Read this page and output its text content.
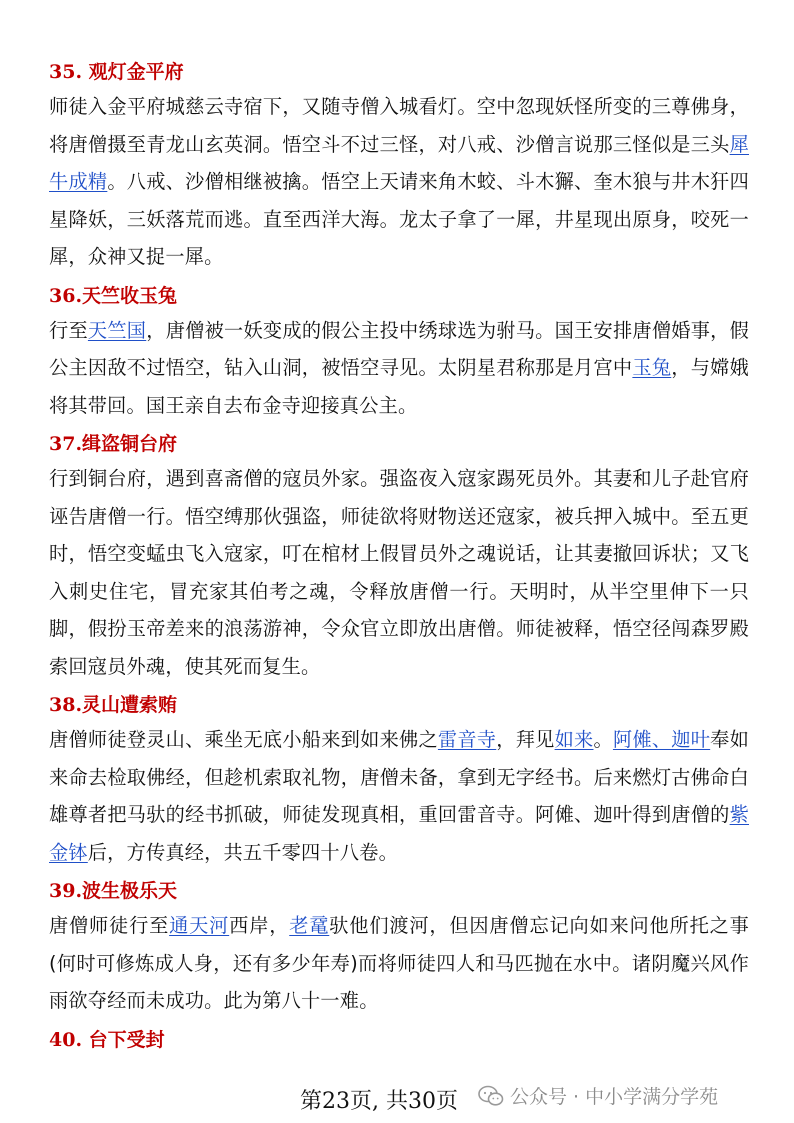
35. 观灯金平府

师徒入金平府城慈云寺宿下，又随寺僧入城看灯。空中忽现妖怪所变的三尊佛身，将唐僧摄至青龙山玄英洞。悟空斗不过三怪，对八戒、沙僧言说那三怪似是三头犀牛成精。八戒、沙僧相继被擒。悟空上天请来角木蛟、斗木獬、奎木狼与井木犴四星降妖，三妖落荒而逃。直至西洋大海。龙太子拿了一犀，井星现出原身，咬死一犀，众神又捉一犀。

36.天竺收玉兔

行至天竺国，唐僧被一妖变成的假公主投中绣球选为驸马。国王安排唐僧婚事，假公主因敌不过悟空，钻入山洞，被悟空寻见。太阴星君称那是月宫中玉兔，与嫦娥将其带回。国王亲自去布金寺迎接真公主。

37.缉盗铜台府

行到铜台府，遇到喜斋僧的寇员外家。强盗夜入寇家踢死员外。其妻和儿子赴官府诬告唐僧一行。悟空缚那伙强盗，师徒欲将财物送还寇家，被兵押入城中。至五更时，悟空变蜢虫飞入寇家，叮在棺材上假冒员外之魂说话，让其妻撤回诉状；又飞入刺史住宅，冒充家其伯考之魂，令释放唐僧一行。天明时，从半空里伸下一只脚，假扮玉帝差来的浪荡游神，令众官立即放出唐僧。师徒被释，悟空径闯森罗殿索回寇员外魂，使其死而复生。

38.灵山遭索贿

唐僧师徒登灵山、乘坐无底小船来到如来佛之雷音寺，拜见如来。阿傩、迦叶奉如来命去检取佛经，但趁机索取礼物，唐僧未备，拿到无字经书。后来燃灯古佛命白雄尊者把马驮的经书抓破，师徒发现真相，重回雷音寺。阿傩、迦叶得到唐僧的紫金钵后，方传真经，共五千零四十八卷。

39.波生极乐天

唐僧师徒行至通天河西岸，老鼋驮他们渡河，但因唐僧忘记向如来问他所托之事(何时可修炼成人身，还有多少年寿)而将师徒四人和马匹抛在水中。诸阴魔兴风作雨欲夺经而未成功。此为第八十一难。

40. 台下受封
第23页, 共30页	公众号 · 中小学满分学苑
